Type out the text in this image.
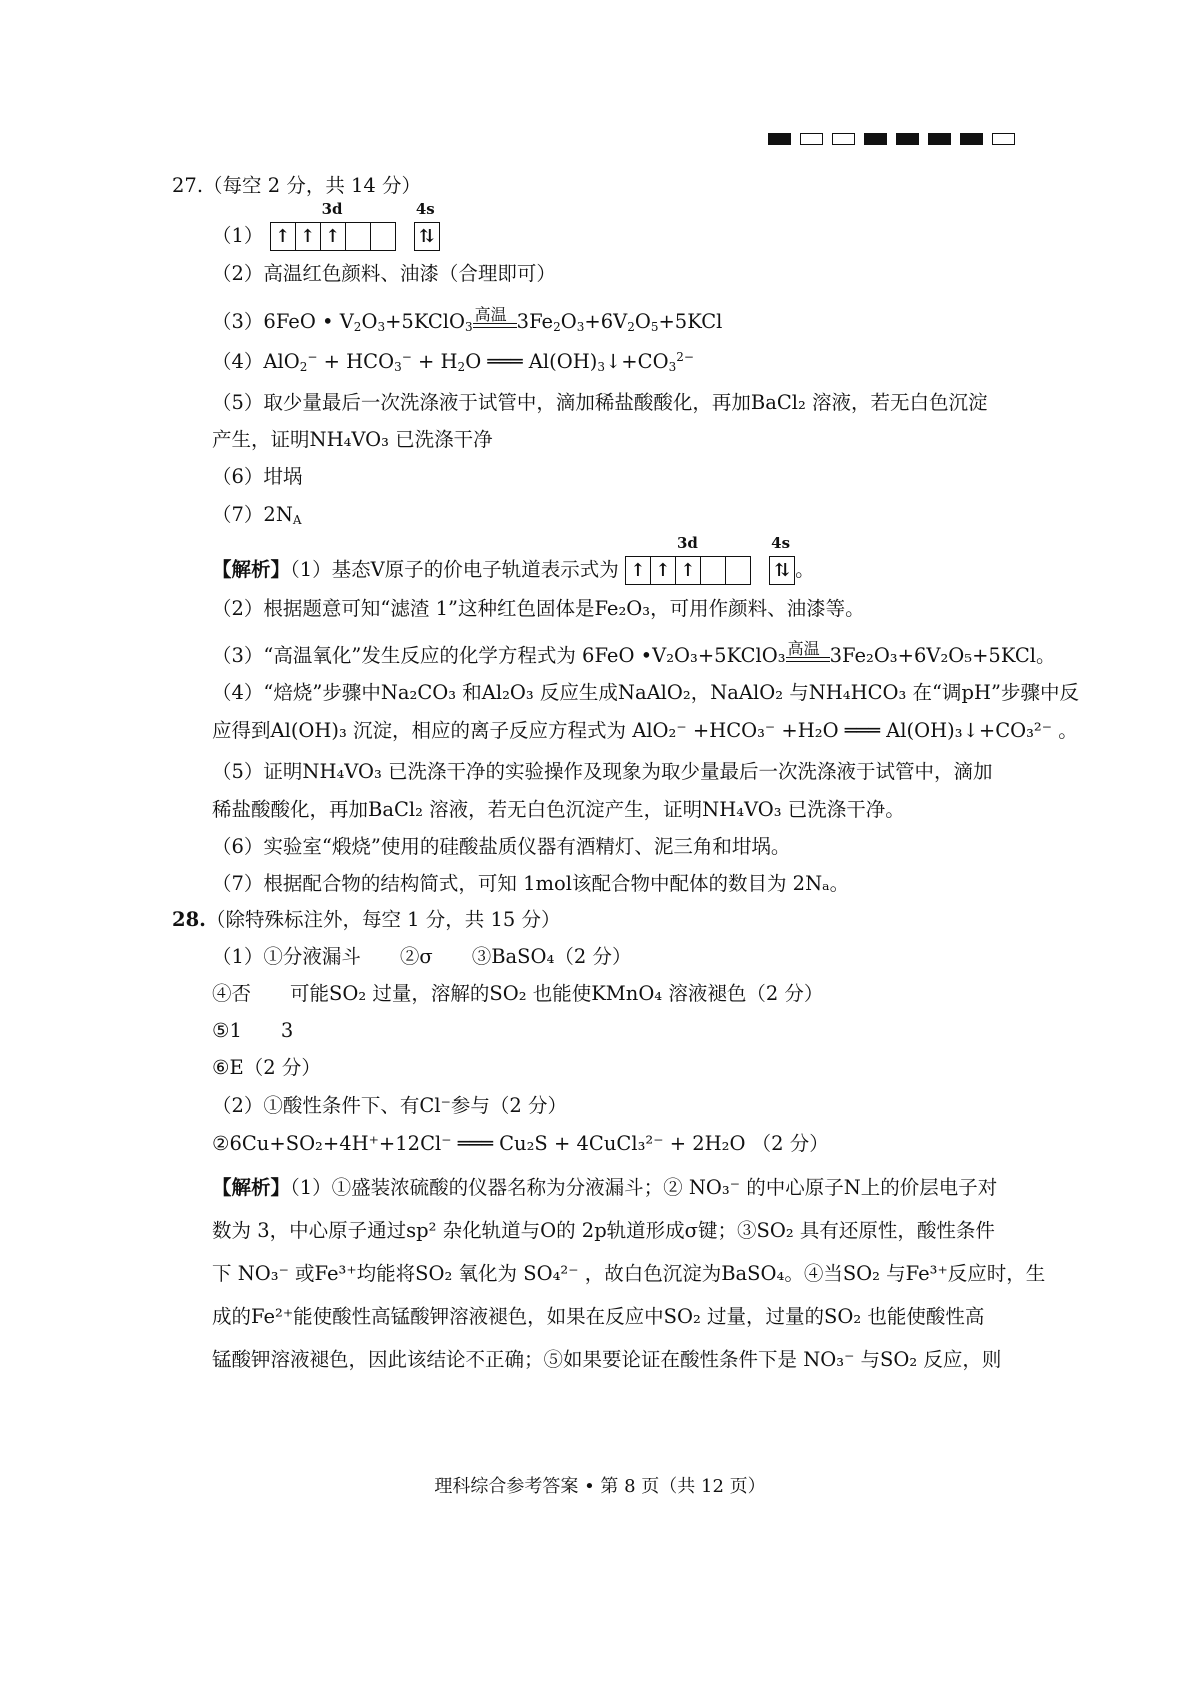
27.（每空 2 分，共 14 分）
（1）
3d
↑ ↑ ↑

4s
⇅
（2）高温红色颜料、油漆（合理即可）
（3）6FeO • $V_2O_3+5KClO_3$
高温 $3Fe_2O_3+6V_2O_5+5KCl$
$(4)AlO_2^- + HCO_3^- + H_2O$ ═══ $Al(OH)_3↓+CO_3^{2-}$
（5）取少量最后一次洗涤液于试管中，滴加稀盐酸酸化，再加BaCl₂ 溶液，若无白色沉淀
产生，证明NH₄VO₃ 已洗涤干净
（6）坩埚
$(7)2N_A$
【解析】（1）基态V原子的价电子轨道表示式为
3d
↑ ↑ ↑

4s
⇅ 。
（2）根据题意可知“滤渣 1”这种红色固体是Fe₂O₃，可用作颜料、油漆等。
（3）“高温氧化”发生反应的化学方程式为 6FeO •V₂O₃+5KClO₃ 高温 3Fe₂O₃+6V₂O₅+5KCl。
（4）“焙烧”步骤中Na₂CO₃ 和Al₂O₃ 反应生成NaAlO₂，NaAlO₂ 与NH₄HCO₃ 在“调pH”步骤中反
应得到Al(OH)₃ 沉淀，相应的离子反应方程式为 AlO₂⁻ +HCO₃⁻ +H₂O ═══ Al(OH)₃↓+CO₃²⁻ 。
（5）证明NH₄VO₃ 已洗涤干净的实验操作及现象为取少量最后一次洗涤液于试管中，滴加
稀盐酸酸化，再加BaCl₂ 溶液，若无白色沉淀产生，证明NH₄VO₃ 已洗涤干净。
（6）实验室“煅烧”使用的硅酸盐质仪器有酒精灯、泥三角和坩埚。
（7）根据配合物的结构简式，可知 1mol该配合物中配体的数目为 2Nₐ。
28.（除特殊标注外，每空 1 分，共 15 分）
（1）①分液漏斗　　②σ　　③BaSO₄（2 分）
④否　　可能SO₂ 过量，溶解的SO₂ 也能使KMnO₄ 溶液褪色（2 分）
⑤1　　3
⑥E（2 分）
（2）①酸性条件下、有Cl⁻参与（2 分）
②6Cu+SO₂+4H⁺+12Cl⁻ ═══ Cu₂S + 4CuCl₃²⁻ + 2H₂O （2 分）
【解析】（1）①盛装浓硫酸的仪器名称为分液漏斗；② NO₃⁻ 的中心原子N上的价层电子对
数为 3，中心原子通过sp² 杂化轨道与O的 2p轨道形成σ键；③SO₂ 具有还原性，酸性条件
下 NO₃⁻ 或Fe³⁺均能将SO₂ 氧化为 SO₄²⁻ ，故白色沉淀为BaSO₄。④当SO₂ 与Fe³⁺反应时，生
成的Fe²⁺能使酸性高锰酸钾溶液褪色，如果在反应中SO₂ 过量，过量的SO₂ 也能使酸性高
锰酸钾溶液褪色，因此该结论不正确；⑤如果要论证在酸性条件下是 NO₃⁻ 与SO₂ 反应，则
理科综合参考答案 • 第 8 页（共 12 页）
